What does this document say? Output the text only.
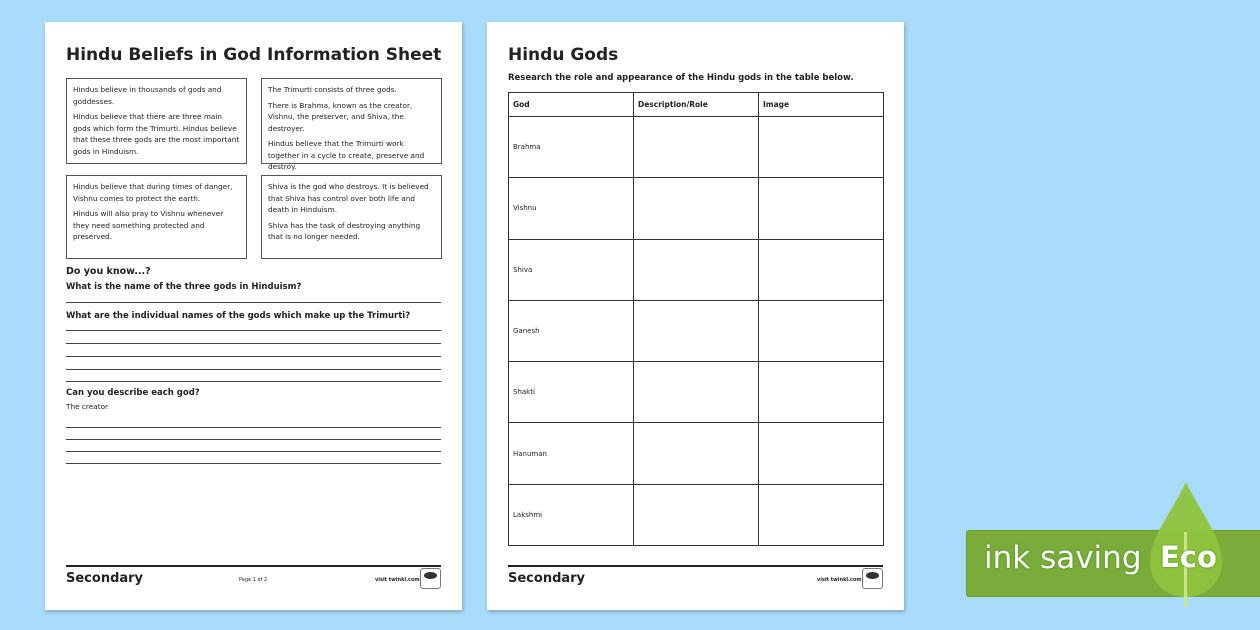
Hindu Beliefs in God Information Sheet

Hindus believe in thousands of gods and goddesses.

Hindus believe that there are three main gods which form the Trimurti. Hindus believe that these three gods are the most important gods in Hinduism.

The Trimurti consists of three gods.

There is Brahma, known as the creator, Vishnu, the preserver, and Shiva, the destroyer.

Hindus believe that the Trimurti work together in a cycle to create, preserve and destroy.

Hindus believe that during times of danger, Vishnu comes to protect the earth.

Hindus will also pray to Vishnu whenever they need something protected and preserved.

Shiva is the god who destroys. It is believed that Shiva has control over both life and death in Hinduism.

Shiva has the task of destroying anything that is no longer needed.

Do you know...?
What is the name of the three gods in Hinduism?
What are the individual names of the gods which make up the Trimurti?
Can you describe each god?
The creator
Secondary	Page 1 of 2	visit twinkl.com
Hindu Gods
Research the role and appearance of the Hindu gods in the table below.
God	Description/Role	Image
Brahma		
Vishnu		
Shiva		
Ganesh		
Shakti		
Hanuman		
Lakshmi		
Secondary	visit twinkl.com
ink saving Eco
